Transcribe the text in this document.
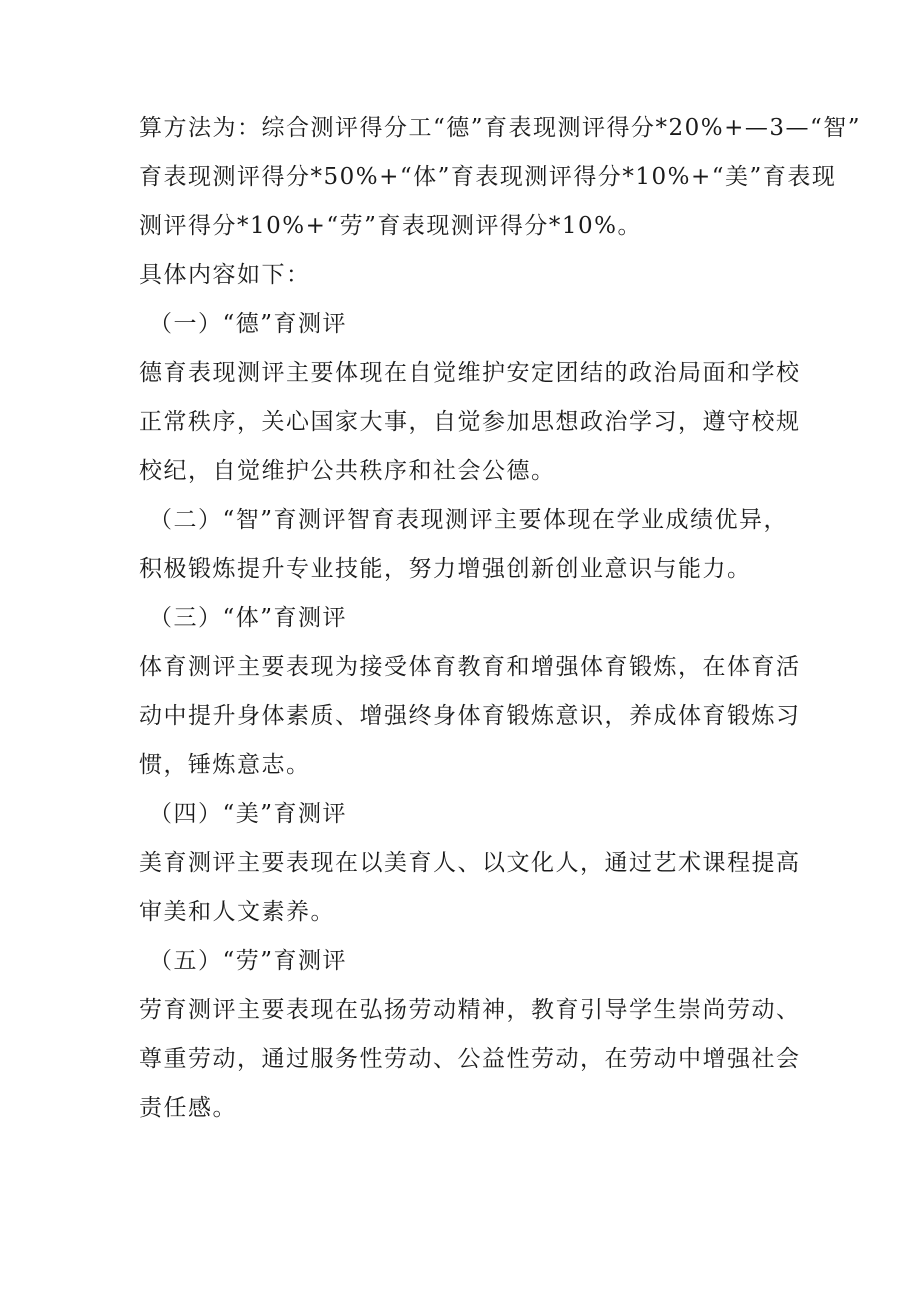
算方法为：综合测评得分工“德”育表现测评得分*20%+—3—“智”
育表现测评得分*50%+“体”育表现测评得分*10%+“美”育表现
测评得分*10%+“劳”育表现测评得分*10%。
具体内容如下：
（一）“德”育测评
德育表现测评主要体现在自觉维护安定团结的政治局面和学校
正常秩序，关心国家大事，自觉参加思想政治学习，遵守校规
校纪，自觉维护公共秩序和社会公德。
（二）“智”育测评智育表现测评主要体现在学业成绩优异，
积极锻炼提升专业技能，努力增强创新创业意识与能力。
（三）“体”育测评
体育测评主要表现为接受体育教育和增强体育锻炼，在体育活
动中提升身体素质、增强终身体育锻炼意识，养成体育锻炼习
惯，锤炼意志。
（四）“美”育测评
美育测评主要表现在以美育人、以文化人，通过艺术课程提高
审美和人文素养。
（五）“劳”育测评
劳育测评主要表现在弘扬劳动精神，教育引导学生崇尚劳动、
尊重劳动，通过服务性劳动、公益性劳动，在劳动中增强社会
责任感。
